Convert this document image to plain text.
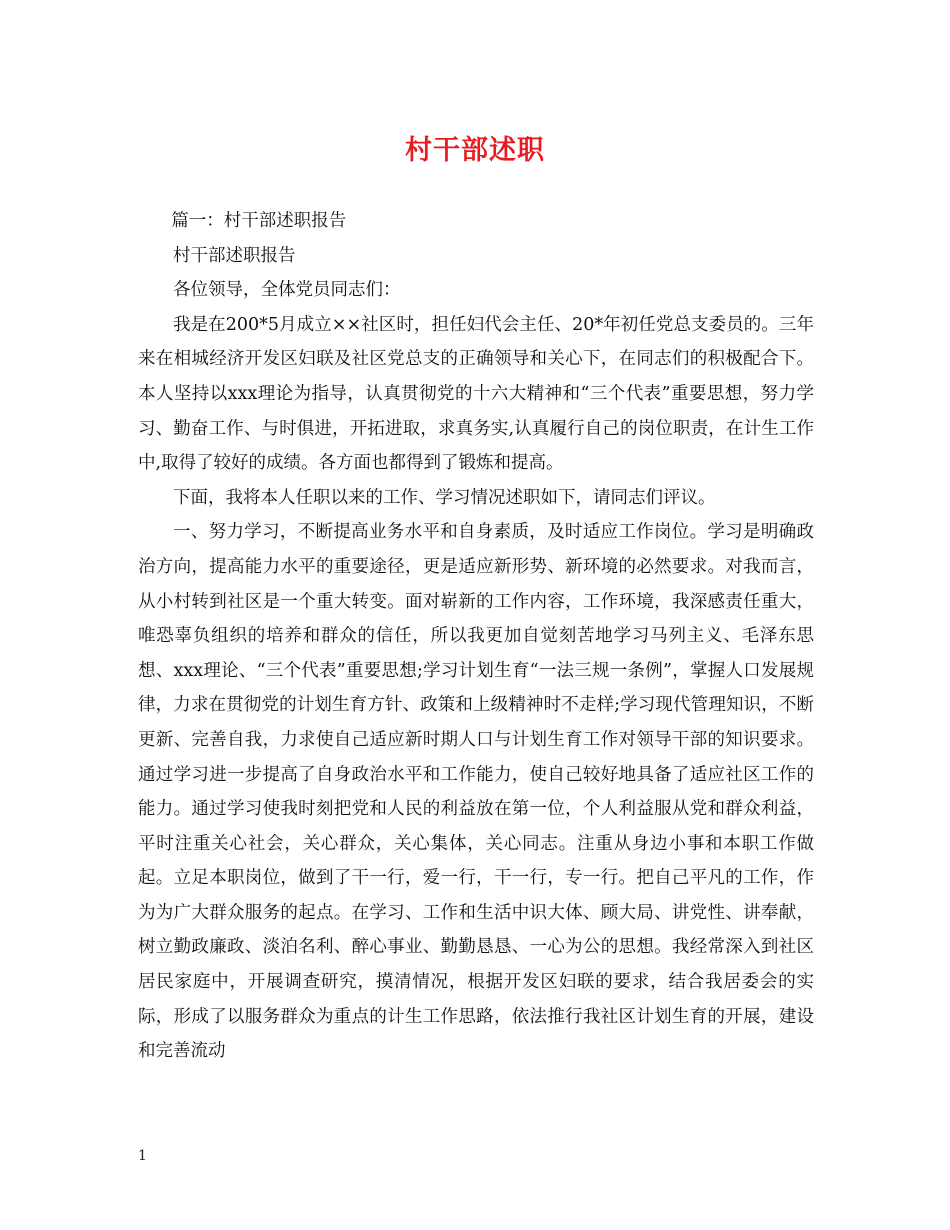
村干部述职

篇一：村干部述职报告

村干部述职报告

各位领导，全体党员同志们：

我是在200*5月成立××社区时，担任妇代会主任、20*年初任党总支委员的。三年来在相城经济开发区妇联及社区党总支的正确领导和关心下，在同志们的积极配合下。本人坚持以xxx理论为指导，认真贯彻党的十六大精神和“三个代表”重要思想，努力学习、勤奋工作、与时俱进，开拓进取，求真务实,认真履行自己的岗位职责，在计生工作中,取得了较好的成绩。各方面也都得到了锻炼和提高。

下面，我将本人任职以来的工作、学习情况述职如下，请同志们评议。

一、努力学习，不断提高业务水平和自身素质，及时适应工作岗位。学习是明确政治方向，提高能力水平的重要途径，更是适应新形势、新环境的必然要求。对我而言，从小村转到社区是一个重大转变。面对崭新的工作内容，工作环境，我深感责任重大，唯恐辜负组织的培养和群众的信任，所以我更加自觉刻苦地学习马列主义、毛泽东思想、xxx理论、“三个代表”重要思想;学习计划生育“一法三规一条例”，掌握人口发展规律，力求在贯彻党的计划生育方针、政策和上级精神时不走样;学习现代管理知识，不断更新、完善自我，力求使自己适应新时期人口与计划生育工作对领导干部的知识要求。通过学习进一步提高了自身政治水平和工作能力，使自己较好地具备了适应社区工作的能力。通过学习使我时刻把党和人民的利益放在第一位，个人利益服从党和群众利益，平时注重关心社会，关心群众，关心集体，关心同志。注重从身边小事和本职工作做起。立足本职岗位，做到了干一行，爱一行，干一行，专一行。把自己平凡的工作，作为为广大群众服务的起点。在学习、工作和生活中识大体、顾大局、讲党性、讲奉献，树立勤政廉政、淡泊名利、醉心事业、勤勤恳恳、一心为公的思想。我经常深入到社区居民家庭中，开展调查研究，摸清情况，根据开发区妇联的要求，结合我居委会的实际，形成了以服务群众为重点的计生工作思路，依法推行我社区计划生育的开展，建设和完善流动

1
